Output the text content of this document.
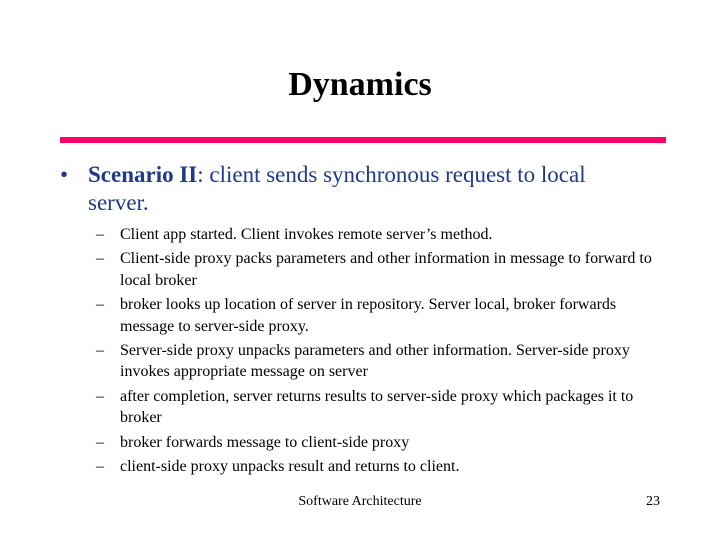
Dynamics
• Scenario II: client sends synchronous request to local server.
– Client app started. Client invokes remote server’s method.
– Client-side proxy packs parameters and other information in message to forward to local broker
– broker looks up location of server in repository. Server local, broker forwards message to server-side proxy.
– Server-side proxy unpacks parameters and other information. Server-side proxy invokes appropriate message on server
– after completion, server returns results to server-side proxy which packages it to broker
– broker forwards message to client-side proxy
– client-side proxy unpacks result and returns to client.
Software Architecture	23
